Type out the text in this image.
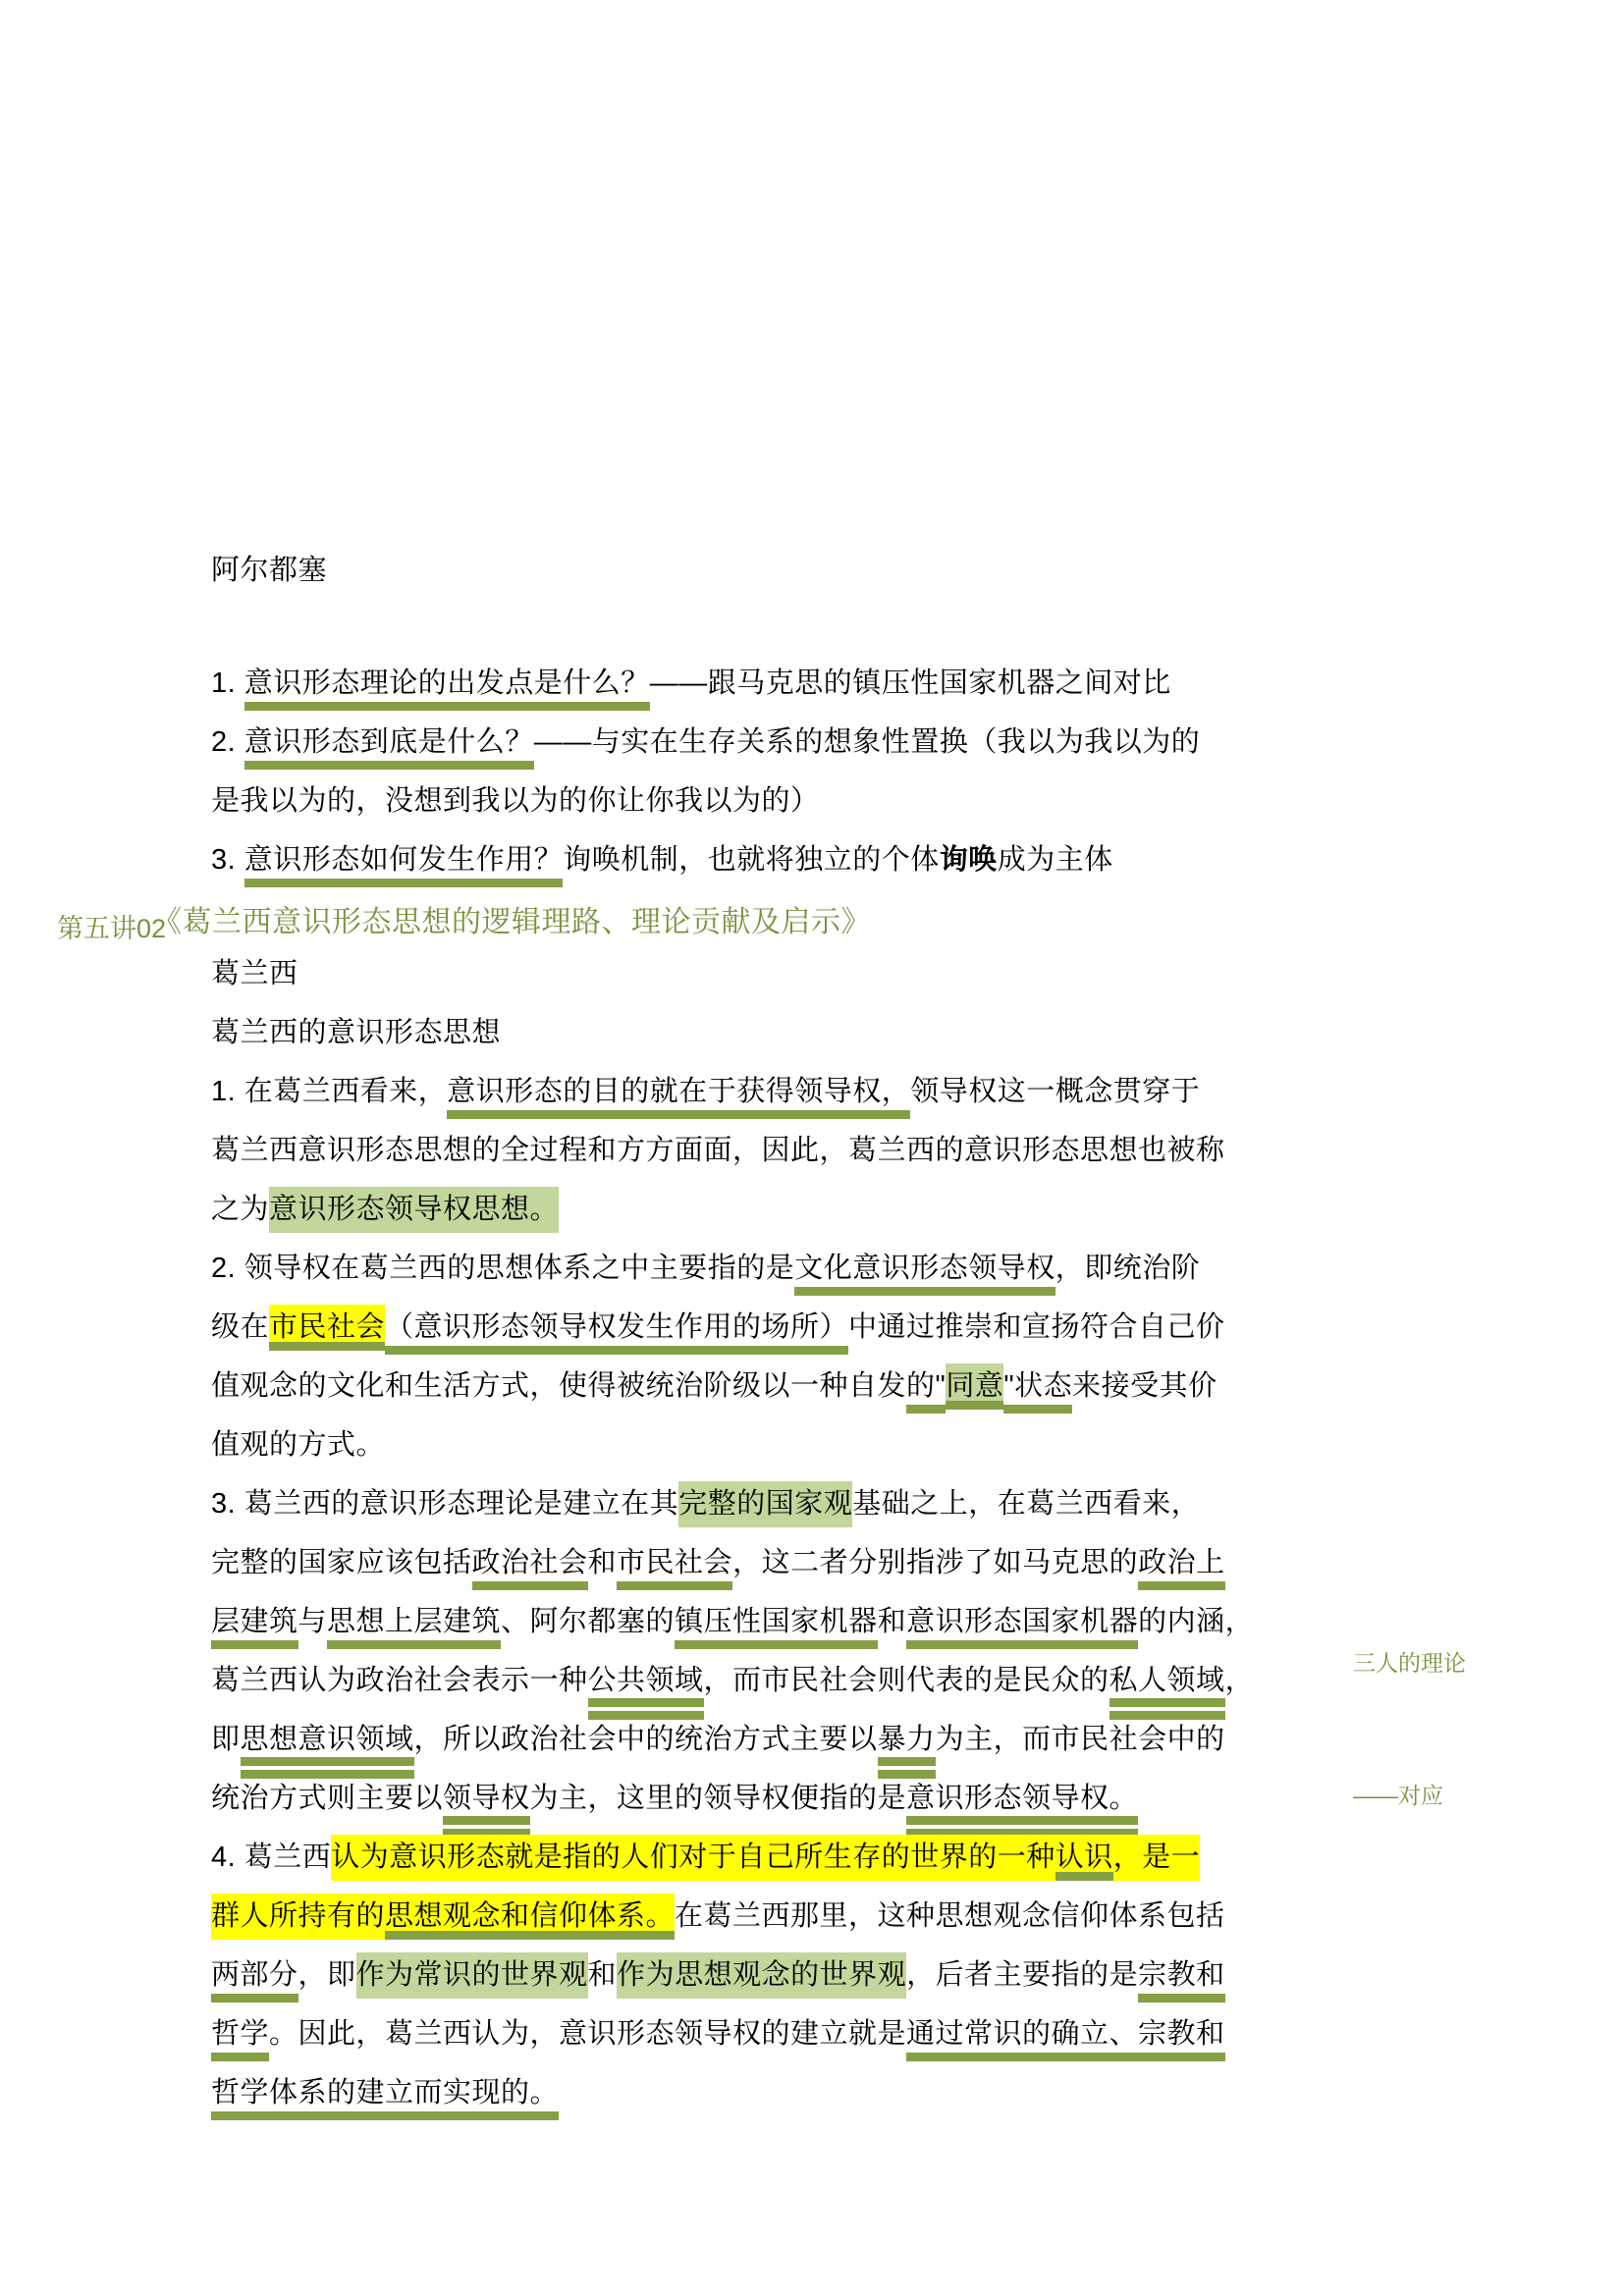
第五讲02

三人的理论

——对应

阿尔都塞
1. 意识形态理论的出发点是什么？——跟马克思的镇压性国家机器之间对比
2. 意识形态到底是什么？——与实在生存关系的想象性置换（我以为我以为的
是我以为的，没想到我以为的你让你我以为的）
3. 意识形态如何发生作用？询唤机制，也就将独立的个体询唤成为主体
《葛兰西意识形态思想的逻辑理路、理论贡献及启示》
葛兰西
葛兰西的意识形态思想
1. 在葛兰西看来，意识形态的目的就在于获得领导权，领导权这一概念贯穿于
葛兰西意识形态思想的全过程和方方面面，因此，葛兰西的意识形态思想也被称
之为意识形态领导权思想。
2. 领导权在葛兰西的思想体系之中主要指的是文化意识形态领导权，即统治阶
级在市民社会（意识形态领导权发生作用的场所）中通过推崇和宣扬符合自己价
值观念的文化和生活方式，使得被统治阶级以一种自发的"同意"状态来接受其价
值观的方式。
3. 葛兰西的意识形态理论是建立在其完整的国家观基础之上，在葛兰西看来，
完整的国家应该包括政治社会和市民社会，这二者分别指涉了如马克思的政治上
层建筑与思想上层建筑、阿尔都塞的镇压性国家机器和意识形态国家机器的内涵，
葛兰西认为政治社会表示一种公共领域，而市民社会则代表的是民众的私人领域，
即思想意识领域，所以政治社会中的统治方式主要以暴力为主，而市民社会中的
统治方式则主要以领导权为主，这里的领导权便指的是意识形态领导权。
4. 葛兰西认为意识形态就是指的人们对于自己所生存的世界的一种认识，是一
群人所持有的思想观念和信仰体系。在葛兰西那里，这种思想观念信仰体系包括
两部分，即作为常识的世界观和作为思想观念的世界观，后者主要指的是宗教和
哲学。因此，葛兰西认为，意识形态领导权的建立就是通过常识的确立、宗教和
哲学体系的建立而实现的。
